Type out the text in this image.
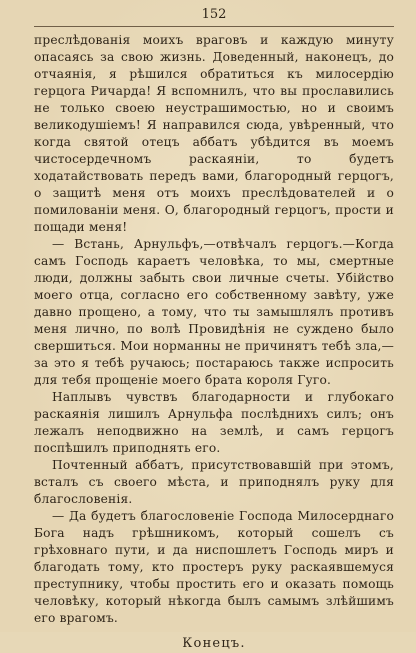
152

преслѣдованія моихъ враговъ и каждую минуту опасаясь за свою жизнь. Доведенный, наконецъ, до отчаянія, я рѣшился обратиться къ милосердію герцога Ричарда! Я вспомнилъ, что вы прославились не только своею неустрашимостью, но и своимъ великодушіемъ! Я направился сюда, увѣренный, что когда святой отецъ аббатъ убѣдится въ моемъ чистосердечномъ раскаяніи, то будетъ ходатайствовать передъ вами, благородный герцогъ, о защитѣ меня отъ моихъ преслѣдователей и о помилованіи меня. О, благородный герцогъ, прости и пощади меня!

— Встань, Арнульфъ,—отвѣчалъ герцогъ.—Когда самъ Господь караетъ человѣка, то мы, смертные люди, должны забыть свои личные счеты. Убійство моего отца, согласно его собственному завѣту, уже давно прощено, а тому, что ты замышлялъ противъ меня лично, по волѣ Провидѣнія не суждено было свершиться. Мои норманны не причинятъ тебѣ зла,—за это я тебѣ ручаюсь; постараюсь также испросить для тебя прощеніе моего брата короля Гуго.

Наплывъ чувствъ благодарности и глубокаго раскаянія лишилъ Арнульфа послѣднихъ силъ; онъ лежалъ неподвижно на землѣ, и самъ герцогъ поспѣшилъ приподнять его.

Почтенный аббатъ, присутствовавшій при этомъ, всталъ съ своего мѣста, и приподнялъ руку для благословенія.

— Да будетъ благословеніе Господа Милосерднаго Бога надъ грѣшникомъ, который сошелъ съ грѣховнаго пути, и да ниспошлетъ Господь миръ и благодать тому, кто простеръ руку раскаявшемуся преступнику, чтобы простить его и оказать помощь человѣку, который нѣкогда былъ самымъ злѣйшимъ его врагомъ.

Конецъ.
